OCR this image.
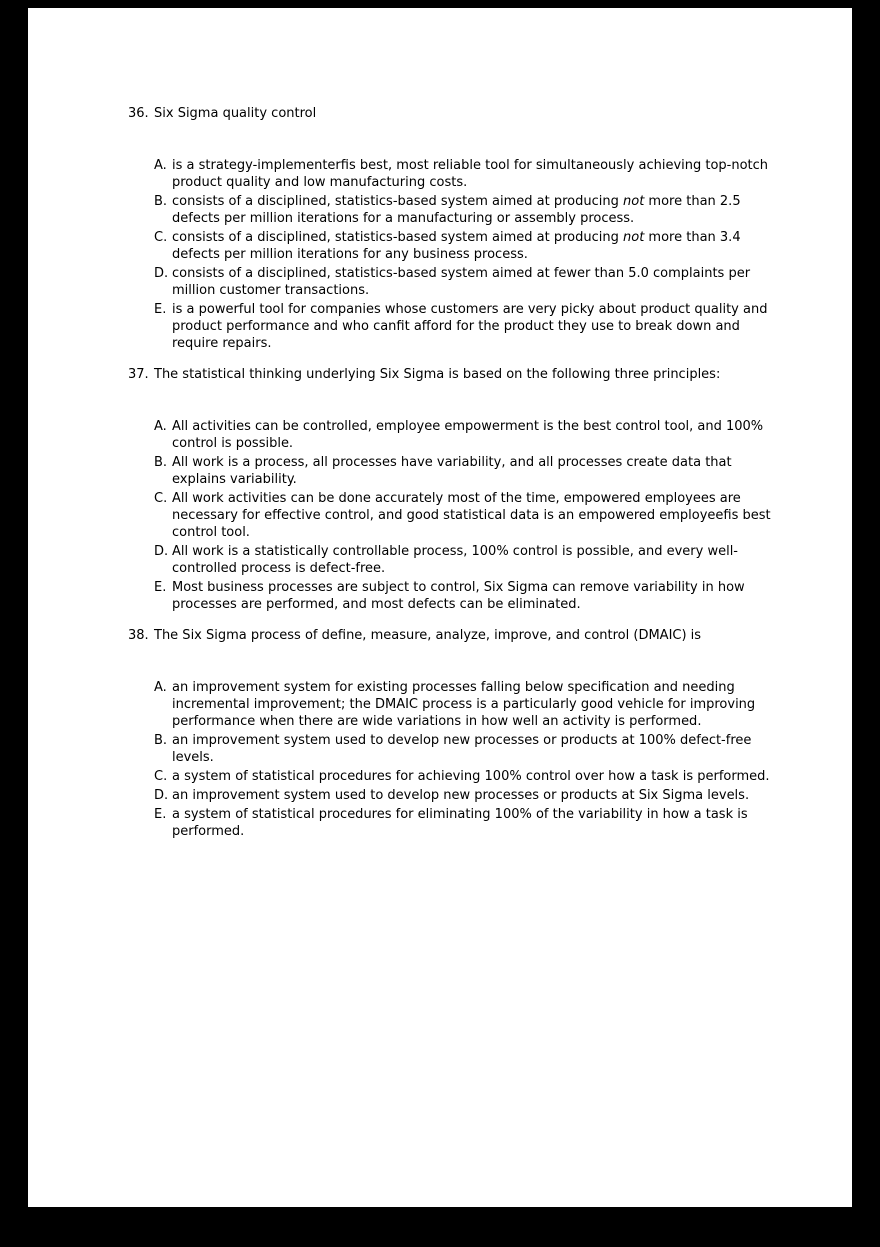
36. Six Sigma quality control
A. is a strategy-implementerfis best, most reliable tool for simultaneously achieving top-notch product quality and low manufacturing costs.
B. consists of a disciplined, statistics-based system aimed at producing not more than 2.5 defects per million iterations for a manufacturing or assembly process.
C. consists of a disciplined, statistics-based system aimed at producing not more than 3.4 defects per million iterations for any business process.
D. consists of a disciplined, statistics-based system aimed at fewer than 5.0 complaints per million customer transactions.
E. is a powerful tool for companies whose customers are very picky about product quality and product performance and who canfit afford for the product they use to break down and require repairs.
37. The statistical thinking underlying Six Sigma is based on the following three principles:
A. All activities can be controlled, employee empowerment is the best control tool, and 100% control is possible.
B. All work is a process, all processes have variability, and all processes create data that explains variability.
C. All work activities can be done accurately most of the time, empowered employees are necessary for effective control, and good statistical data is an empowered employeefis best control tool.
D. All work is a statistically controllable process, 100% control is possible, and every well-controlled process is defect-free.
E. Most business processes are subject to control, Six Sigma can remove variability in how processes are performed, and most defects can be eliminated.
38. The Six Sigma process of define, measure, analyze, improve, and control (DMAIC) is
A. an improvement system for existing processes falling below specification and needing incremental improvement; the DMAIC process is a particularly good vehicle for improving performance when there are wide variations in how well an activity is performed.
B. an improvement system used to develop new processes or products at 100% defect-free levels.
C. a system of statistical procedures for achieving 100% control over how a task is performed.
D. an improvement system used to develop new processes or products at Six Sigma levels.
E. a system of statistical procedures for eliminating 100% of the variability in how a task is performed.
